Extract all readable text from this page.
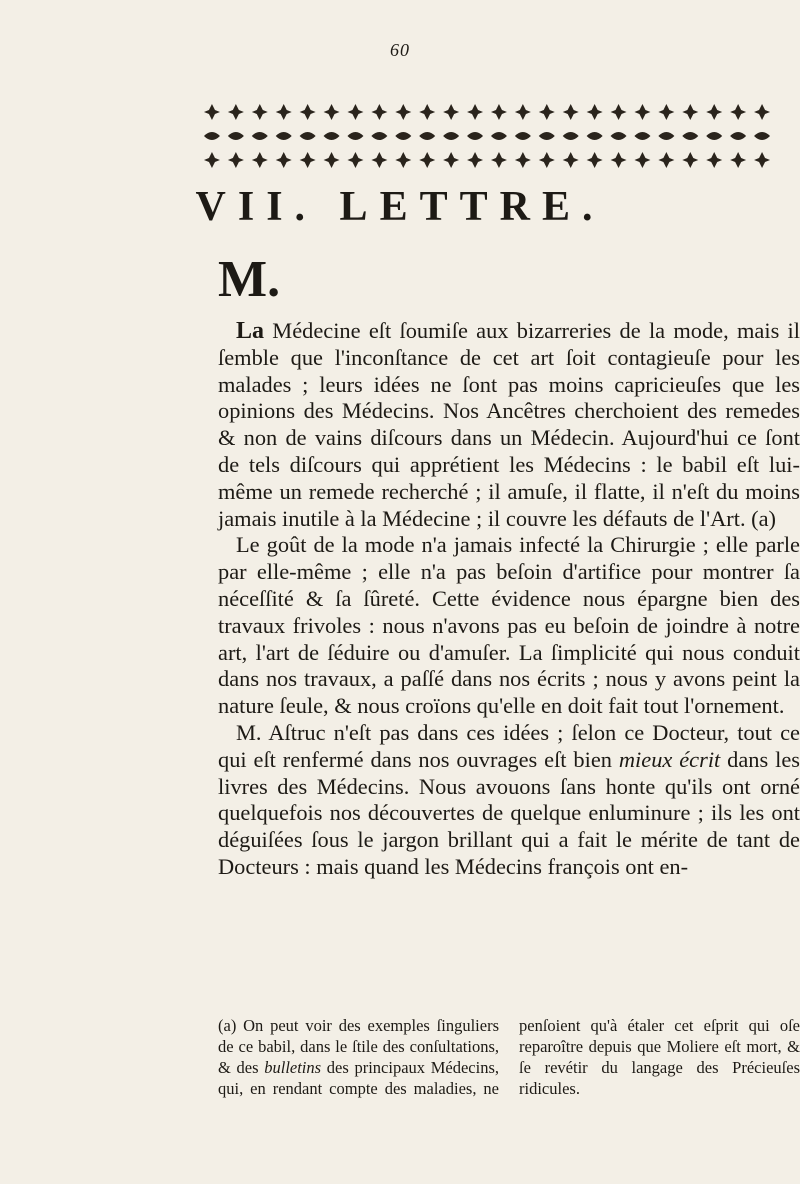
60
VII. LETTRE.
M.

La Médecine eſt ſoumiſe aux bizarreries de la mode, mais il ſemble que l'inconſtance de cet art ſoit contagieuſe pour les malades ; leurs idées ne ſont pas moins capricieuſes que les opinions des Médecins. Nos Ancêtres cherchoient des remedes & non de vains diſcours dans un Médecin. Aujourd'hui ce ſont de tels diſcours qui apprétient les Médecins : le babil eſt lui-même un remede recherché ; il amuſe, il flatte, il n'eſt du moins jamais inutile à la Médecine ; il couvre les défauts de l'Art. (a)

Le goût de la mode n'a jamais infecté la Chirurgie ; elle parle par elle-même ; elle n'a pas beſoin d'artifice pour montrer ſa néceſſité & ſa ſûreté. Cette évidence nous épargne bien des travaux frivoles : nous n'avons pas eu beſoin de joindre à notre art, l'art de ſéduire ou d'amuſer. La ſimplicité qui nous conduit dans nos travaux, a paſſé dans nos écrits ; nous y avons peint la nature ſeule, & nous croïons qu'elle en doit fait tout l'ornement.

M. Aſtruc n'eſt pas dans ces idées ; ſelon ce Docteur, tout ce qui eſt renfermé dans nos ouvrages eſt bien mieux écrit dans les livres des Médecins. Nous avouons ſans honte qu'ils ont orné quelquefois nos découvertes de quelque enluminure ; ils les ont déguiſées ſous le jargon brillant qui a fait le mérite de tant de Docteurs : mais quand les Médecins françois ont en-

(a) On peut voir des exemples ſinguliers de ce babil, dans le ſtile des conſultations, & des bulletins des principaux Médecins, qui, en rendant compte des maladies, ne penſoient qu'à étaler cet eſprit qui oſe reparoître depuis que Moliere eſt mort, & ſe revétir du langage des Précieuſes ridicules.
